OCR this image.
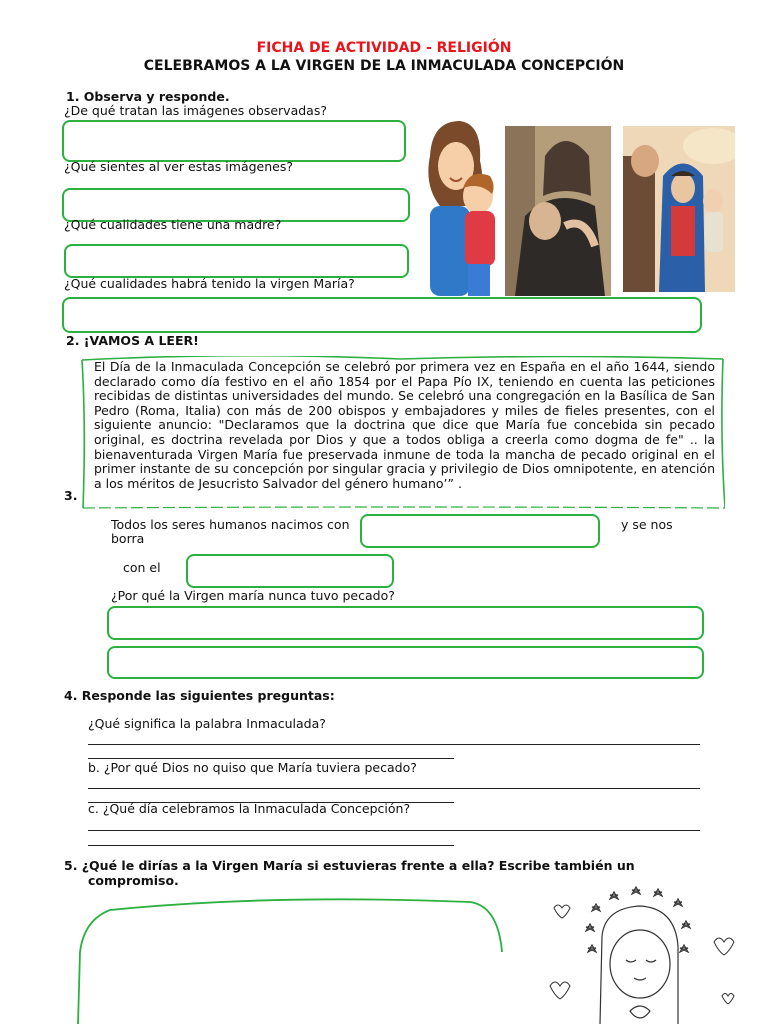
FICHA DE ACTIVIDAD - RELIGIÓN
CELEBRAMOS A LA VIRGEN DE LA INMACULADA CONCEPCIÓN
1. Observa y responde.
¿De qué tratan las imágenes observadas?
¿Qué sientes al ver estas imágenes?
¿Qué cualidades tiene una madre?
¿Qué cualidades habrá tenido la virgen María?
2. ¡VAMOS A LEER!

El Día de la Inmaculada Concepción se celebró por primera vez en España en el año 1644, siendo declarado como día festivo en el año 1854 por el Papa Pío IX, teniendo en cuenta las peticiones recibidas de distintas universidades del mundo. Se celebró una congregación en la Basílica de San Pedro (Roma, Italia) con más de 200 obispos y embajadores y miles de fieles presentes, con el siguiente anuncio: "Declaramos que la doctrina que dice que María fue concebida sin pecado original, es doctrina revelada por Dios y que a todos obliga a creerla como dogma de fe" .. la bienaventurada Virgen María fue preservada inmune de toda la mancha de pecado original en el primer instante de su concepción por singular gracia y privilegio de Dios omnipotente, en atención a los méritos de Jesucristo Salvador del género humano’” .

3.
Todos los seres humanos nacimos con	y se nos
borra
con el
¿Por qué la Virgen maría nunca tuvo pecado?
4. Responde las siguientes preguntas:
¿Qué significa la palabra Inmaculada?
b. ¿Por qué Dios no quiso que María tuviera pecado?
c. ¿Qué día celebramos la Inmaculada Concepción?
5. ¿Qué le dirías a la Virgen María si estuvieras frente a ella? Escribe también un
compromiso.
